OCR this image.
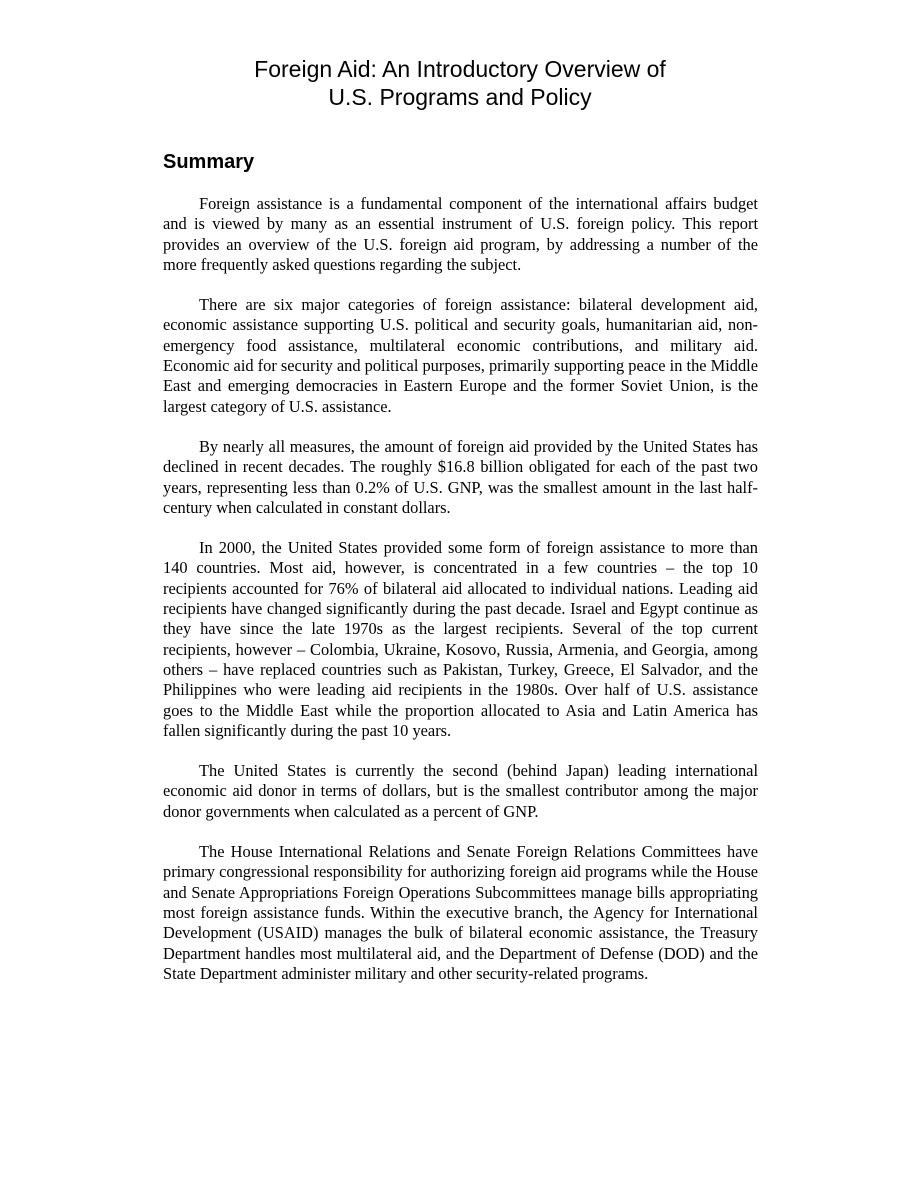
Foreign Aid: An Introductory Overview of
U.S. Programs and Policy
Summary

Foreign assistance is a fundamental component of the international affairs budget and is viewed by many as an essential instrument of U.S. foreign policy. This report provides an overview of the U.S. foreign aid program, by addressing a number of the more frequently asked questions regarding the subject.

There are six major categories of foreign assistance: bilateral development aid, economic assistance supporting U.S. political and security goals, humanitarian aid, non-emergency food assistance, multilateral economic contributions, and military aid. Economic aid for security and political purposes, primarily supporting peace in the Middle East and emerging democracies in Eastern Europe and the former Soviet Union, is the largest category of U.S. assistance.

By nearly all measures, the amount of foreign aid provided by the United States has declined in recent decades. The roughly $16.8 billion obligated for each of the past two years, representing less than 0.2% of U.S. GNP, was the smallest amount in the last half-century when calculated in constant dollars.

In 2000, the United States provided some form of foreign assistance to more than 140 countries. Most aid, however, is concentrated in a few countries – the top 10 recipients accounted for 76% of bilateral aid allocated to individual nations. Leading aid recipients have changed significantly during the past decade. Israel and Egypt continue as they have since the late 1970s as the largest recipients. Several of the top current recipients, however – Colombia, Ukraine, Kosovo, Russia, Armenia, and Georgia, among others – have replaced countries such as Pakistan, Turkey, Greece, El Salvador, and the Philippines who were leading aid recipients in the 1980s. Over half of U.S. assistance goes to the Middle East while the proportion allocated to Asia and Latin America has fallen significantly during the past 10 years.

The United States is currently the second (behind Japan) leading international economic aid donor in terms of dollars, but is the smallest contributor among the major donor governments when calculated as a percent of GNP.

The House International Relations and Senate Foreign Relations Committees have primary congressional responsibility for authorizing foreign aid programs while the House and Senate Appropriations Foreign Operations Subcommittees manage bills appropriating most foreign assistance funds. Within the executive branch, the Agency for International Development (USAID) manages the bulk of bilateral economic assistance, the Treasury Department handles most multilateral aid, and the Department of Defense (DOD) and the State Department administer military and other security-related programs.
